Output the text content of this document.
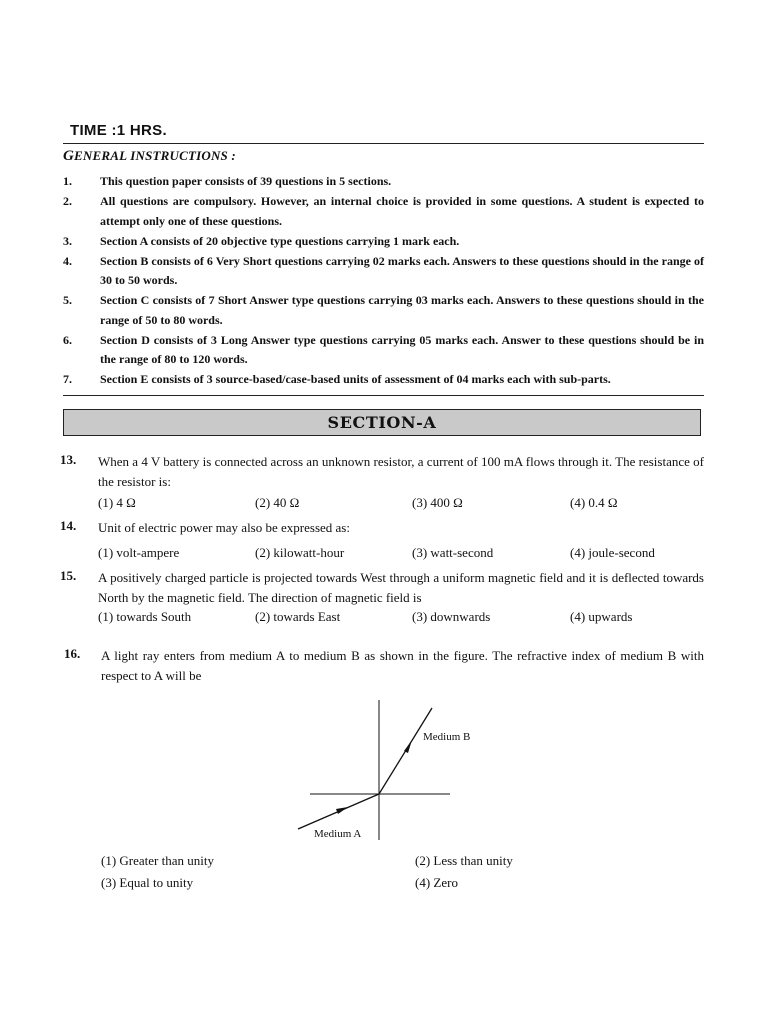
TIME :1 HRS.
GENERAL INSTRUCTIONS :
1. This question paper consists of 39 questions in 5 sections.
2. All questions are compulsory. However, an internal choice is provided in some questions. A student is expected to attempt only one of these questions.
3. Section A consists of 20 objective type questions carrying 1 mark each.
4. Section B consists of 6 Very Short questions carrying 02 marks each. Answers to these questions should in the range of 30 to 50 words.
5. Section C consists of 7 Short Answer type questions carrying 03 marks each. Answers to these questions should in the range of 50 to 80 words.
6. Section D consists of 3 Long Answer type questions carrying 05 marks each. Answer to these questions should be in the range of 80 to 120 words.
7. Section E consists of 3 source-based/case-based units of assessment of 04 marks each with sub-parts.
SECTION-A
13.	When a 4 V battery is connected across an unknown resistor, a current of 100 mA flows through it. The resistance of the resistor is:
(1) 4 Ω	(2) 40 Ω	(3) 400 Ω	(4) 0.4 Ω
14.	Unit of electric power may also be expressed as:
(1) volt-ampere	(2) kilowatt-hour	(3) watt-second	(4) joule-second
15.	A positively charged particle is projected towards West through a uniform magnetic field and it is deflected towards North by the magnetic field. The direction of magnetic field is
(1) towards South	(2) towards East	(3) downwards	(4) upwards
16.	A light ray enters from medium A to medium B as shown in the figure. The refractive index of medium B with respect to A will be
Medium B
Medium A
(1) Greater than unity	(2) Less than unity
(3) Equal to unity	(4) Zero
